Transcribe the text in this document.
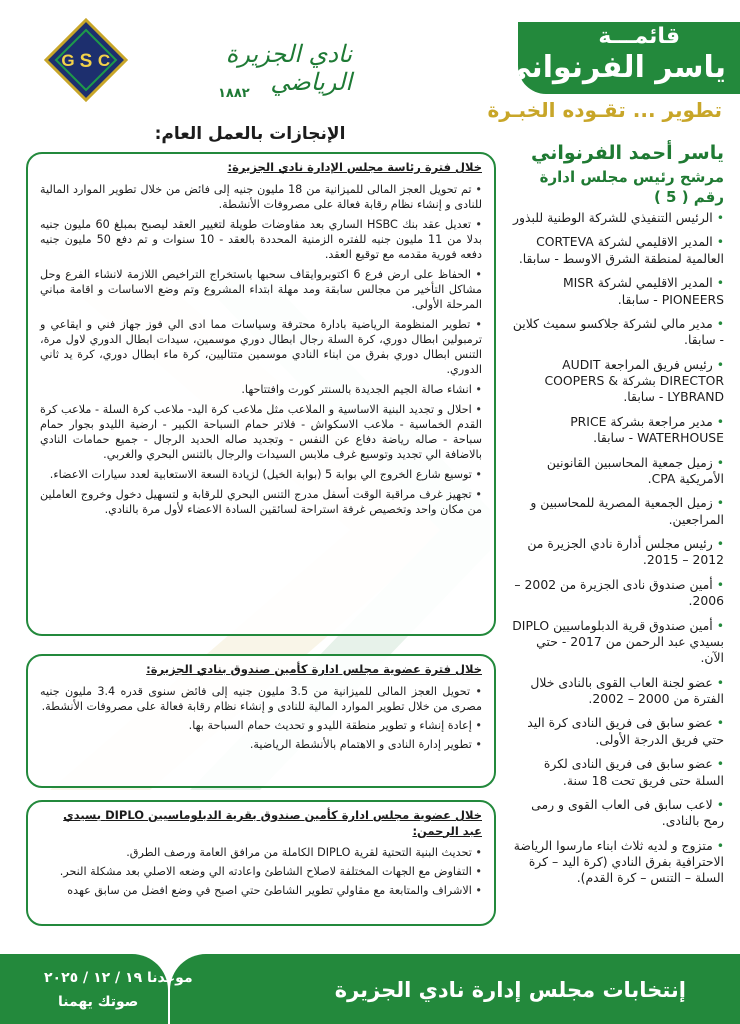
قائمـــة
ياسر الفرنواني
تطوير ... تقـوده الخبـرة
G S C	نادي الجزيرة الرياضي
١٨٨٢
ياسر أحمد الفرنواني
مرشح رئيس مجلس ادارة رقم ( 5 )
• الرئيس التنفيذي للشركة الوطنية للبذور
• المدير الاقليمي لشركة CORTEVA العالمية لمنطقة الشرق الاوسط - سابقا.
• المدير الاقليمي لشركة MISR PIONEERS - سابقا.
• مدير مالي لشركة جلاكسو سميث كلاين - سابقا.
• رئيس فريق المراجعة AUDIT DIRECTOR بشركة COOPERS & LYBRAND - سابقا.
• مدير مراجعة بشركة PRICE WATERHOUSE - سابقا.
• زميل جمعية المحاسبين القانونين الأمريكية CPA.
• زميل الجمعية المصرية للمحاسبين و المراجعين.
• رئيس مجلس أدارة نادي الجزيرة من 2012 – 2015.
• أمين صندوق نادى الجزيرة من 2002 – 2006.
• أمين صندوق قرية الدبلوماسيين DIPLO بسيدي عبد الرحمن من 2017 - حتي الآن.
• عضو لجنة العاب القوى بالنادى خلال الفترة من 2000 – 2002.
• عضو سابق فى فريق النادى كرة اليد حتي فريق الدرجة الأولى.
• عضو سابق فى فريق النادى لكرة السلة حتى فريق تحت 18 سنة.
• لاعب سابق فى العاب القوى و رمى رمح بالنادى.
• متزوج و لديه ثلاث ابناء مارسوا الرياضة الاحترافية بفرق النادي (كرة اليد – كرة السلة – التنس – كرة القدم).
الإنجازات بالعمل العام:
خلال فترة رئاسة مجلس الإدارة نادي الجزيرة:
• تم تحويل العجز المالى للميزانية من 18 مليون جنيه إلى فائض من خلال تطوير الموارد المالية للنادى و إنشاء نظام رقابة فعالة على مصروفات الأنشطة.
• تعديل عقد بنك HSBC الساري بعد مفاوضات طويلة لتغيير العقد ليصبح بمبلغ 60 مليون جنيه بدلا من 11 مليون جنيه للفتره الزمنية المحددة بالعقد - 10 سنوات و تم دفع 50 مليون جنيه دفعه فورية مقدمه مع توقيع العقد.
• الحفاظ على ارض فرع 6 اكتوبروايقاف سحبها باستخراج التراخيص اللازمة لانشاء الفرع وحل مشاكل التأخير من مجالس سابقة ومد مهلة ابتداء المشروع وتم وضع الاساسات و اقامة مباني المرحلة الأولى.
• تطوير المنظومة الرياضية بادارة محترفة وسياسات مما ادى الي فوز جهاز فني و ايقاعي و ترمبولين ابطال دوري، كرة السلة رجال ابطال دوري موسمين، سيدات ابطال الدوري لاول مرة، التنس ابطال دوري بفرق من ابناء النادي موسمين متتاليين، كرة ماء ابطال دوري، كرة يد ثاني الدوري.
• انشاء صالة الجيم الجديدة بالسنتر كورت وافتتاحها.
• احلال و تجديد البنية الاساسية و الملاعب مثل ملاعب كرة اليد- ملاعب كرة السلة - ملاعب كرة القدم الخماسية - ملاعب الاسكواش - فلاتر حمام السباحة الكبير - ارضية الليدو بجوار حمام سباحة - صاله رياضة دفاع عن النفس - وتجديد صاله الحديد الرجال - جميع حمامات النادي بالاضافة الي تجديد وتوسيع غرف ملابس السيدات والرجال بالتنس البحري والغربي.
• توسيع شارع الخروج الي بوابة 5 (بوابة الخيل) لزيادة السعة الاستعابية لعدد سيارات الاعضاء.
• تجهيز غرف مراقبة الوقت أسفل مدرج التنس البحري للرقابة و لتسهيل دخول وخروج العاملين من مكان واحد وتخصيص غرفة استراحة لسائقين السادة الاعضاء لأول مرة بالنادي.
خلال فترة عضوية مجلس ادارة كأمين صندوق بنادي الجزيرة:
• تحويل العجز المالى للميزانية من 3.5 مليون جنيه إلى فائض سنوى قدره 3.4 مليون جنيه مصرى من خلال تطوير الموارد المالية للنادى و إنشاء نظام رقابة فعالة على مصروفات الأنشطة.
• إعادة إنشاء و تطوير منطقة الليدو و تحديث حمام السباحة بها.
• تطوير إدارة النادى و الاهتمام بالأنشطة الرياضية.
خلال عضوية مجلس ادارة كأمين صندوق بقرية الدبلوماسيين DIPLO بسيدي عبد الرحمن:
• تحديث البنية التحتية لقرية DIPLO الكاملة من مرافق العامة ورصف الطرق.
• التفاوض مع الجهات المختلفة لاصلاح الشاطئ واعادته الي وضعه الاصلي بعد مشكلة النحر.
• الاشراف والمتابعة مع مقاولي تطوير الشاطئ حتي اصبح في وضع افضل من سابق عهده
إنتخابات مجلس إدارة نادي الجزيرة
موعدنا ١٩ / ١٢ / ٢٠٢٥
صوتك يهمنا
